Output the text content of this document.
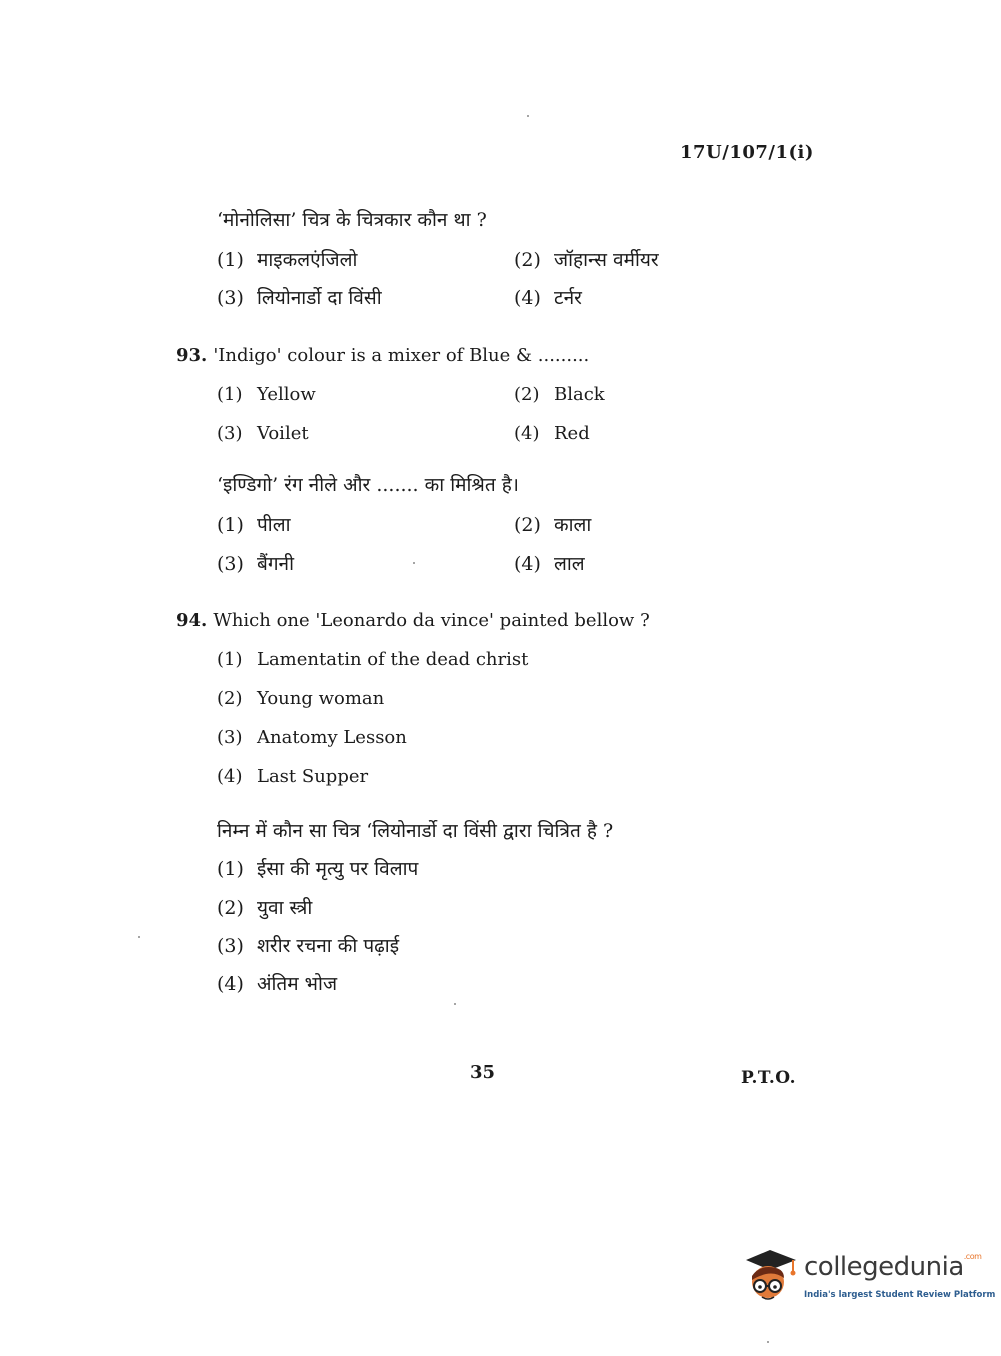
17U/107/1(i)
‘मोनोलिसा’ चित्र के चित्रकार कौन था ?
(1) माइकलएंजिलो	(2) जॉहान्स वर्मीयर
(3) लियोनार्डो दा विंसी	(4) टर्नर
93. 'Indigo' colour is a mixer of Blue & .........
(1) Yellow	(2) Black
(3) Voilet	(4) Red
‘इण्डिगो’ रंग नीले और ....... का मिश्रित है।
(1) पीला	(2) काला
(3) बैंगनी	(4) लाल
94. Which one 'Leonardo da vince' painted bellow ?
(1) Lamentatin of the dead christ
(2) Young woman
(3) Anatomy Lesson
(4) Last Supper
निम्न में कौन सा चित्र ‘लियोनार्डो दा विंसी द्वारा चित्रित है ?
(1) ईसा की मृत्यु पर विलाप
(2) युवा स्त्री
(3) शरीर रचना की पढ़ाई
(4) अंतिम भोज
35	P.T.O.
collegedunia$^{.com}$
India's largest Student Review Platform
